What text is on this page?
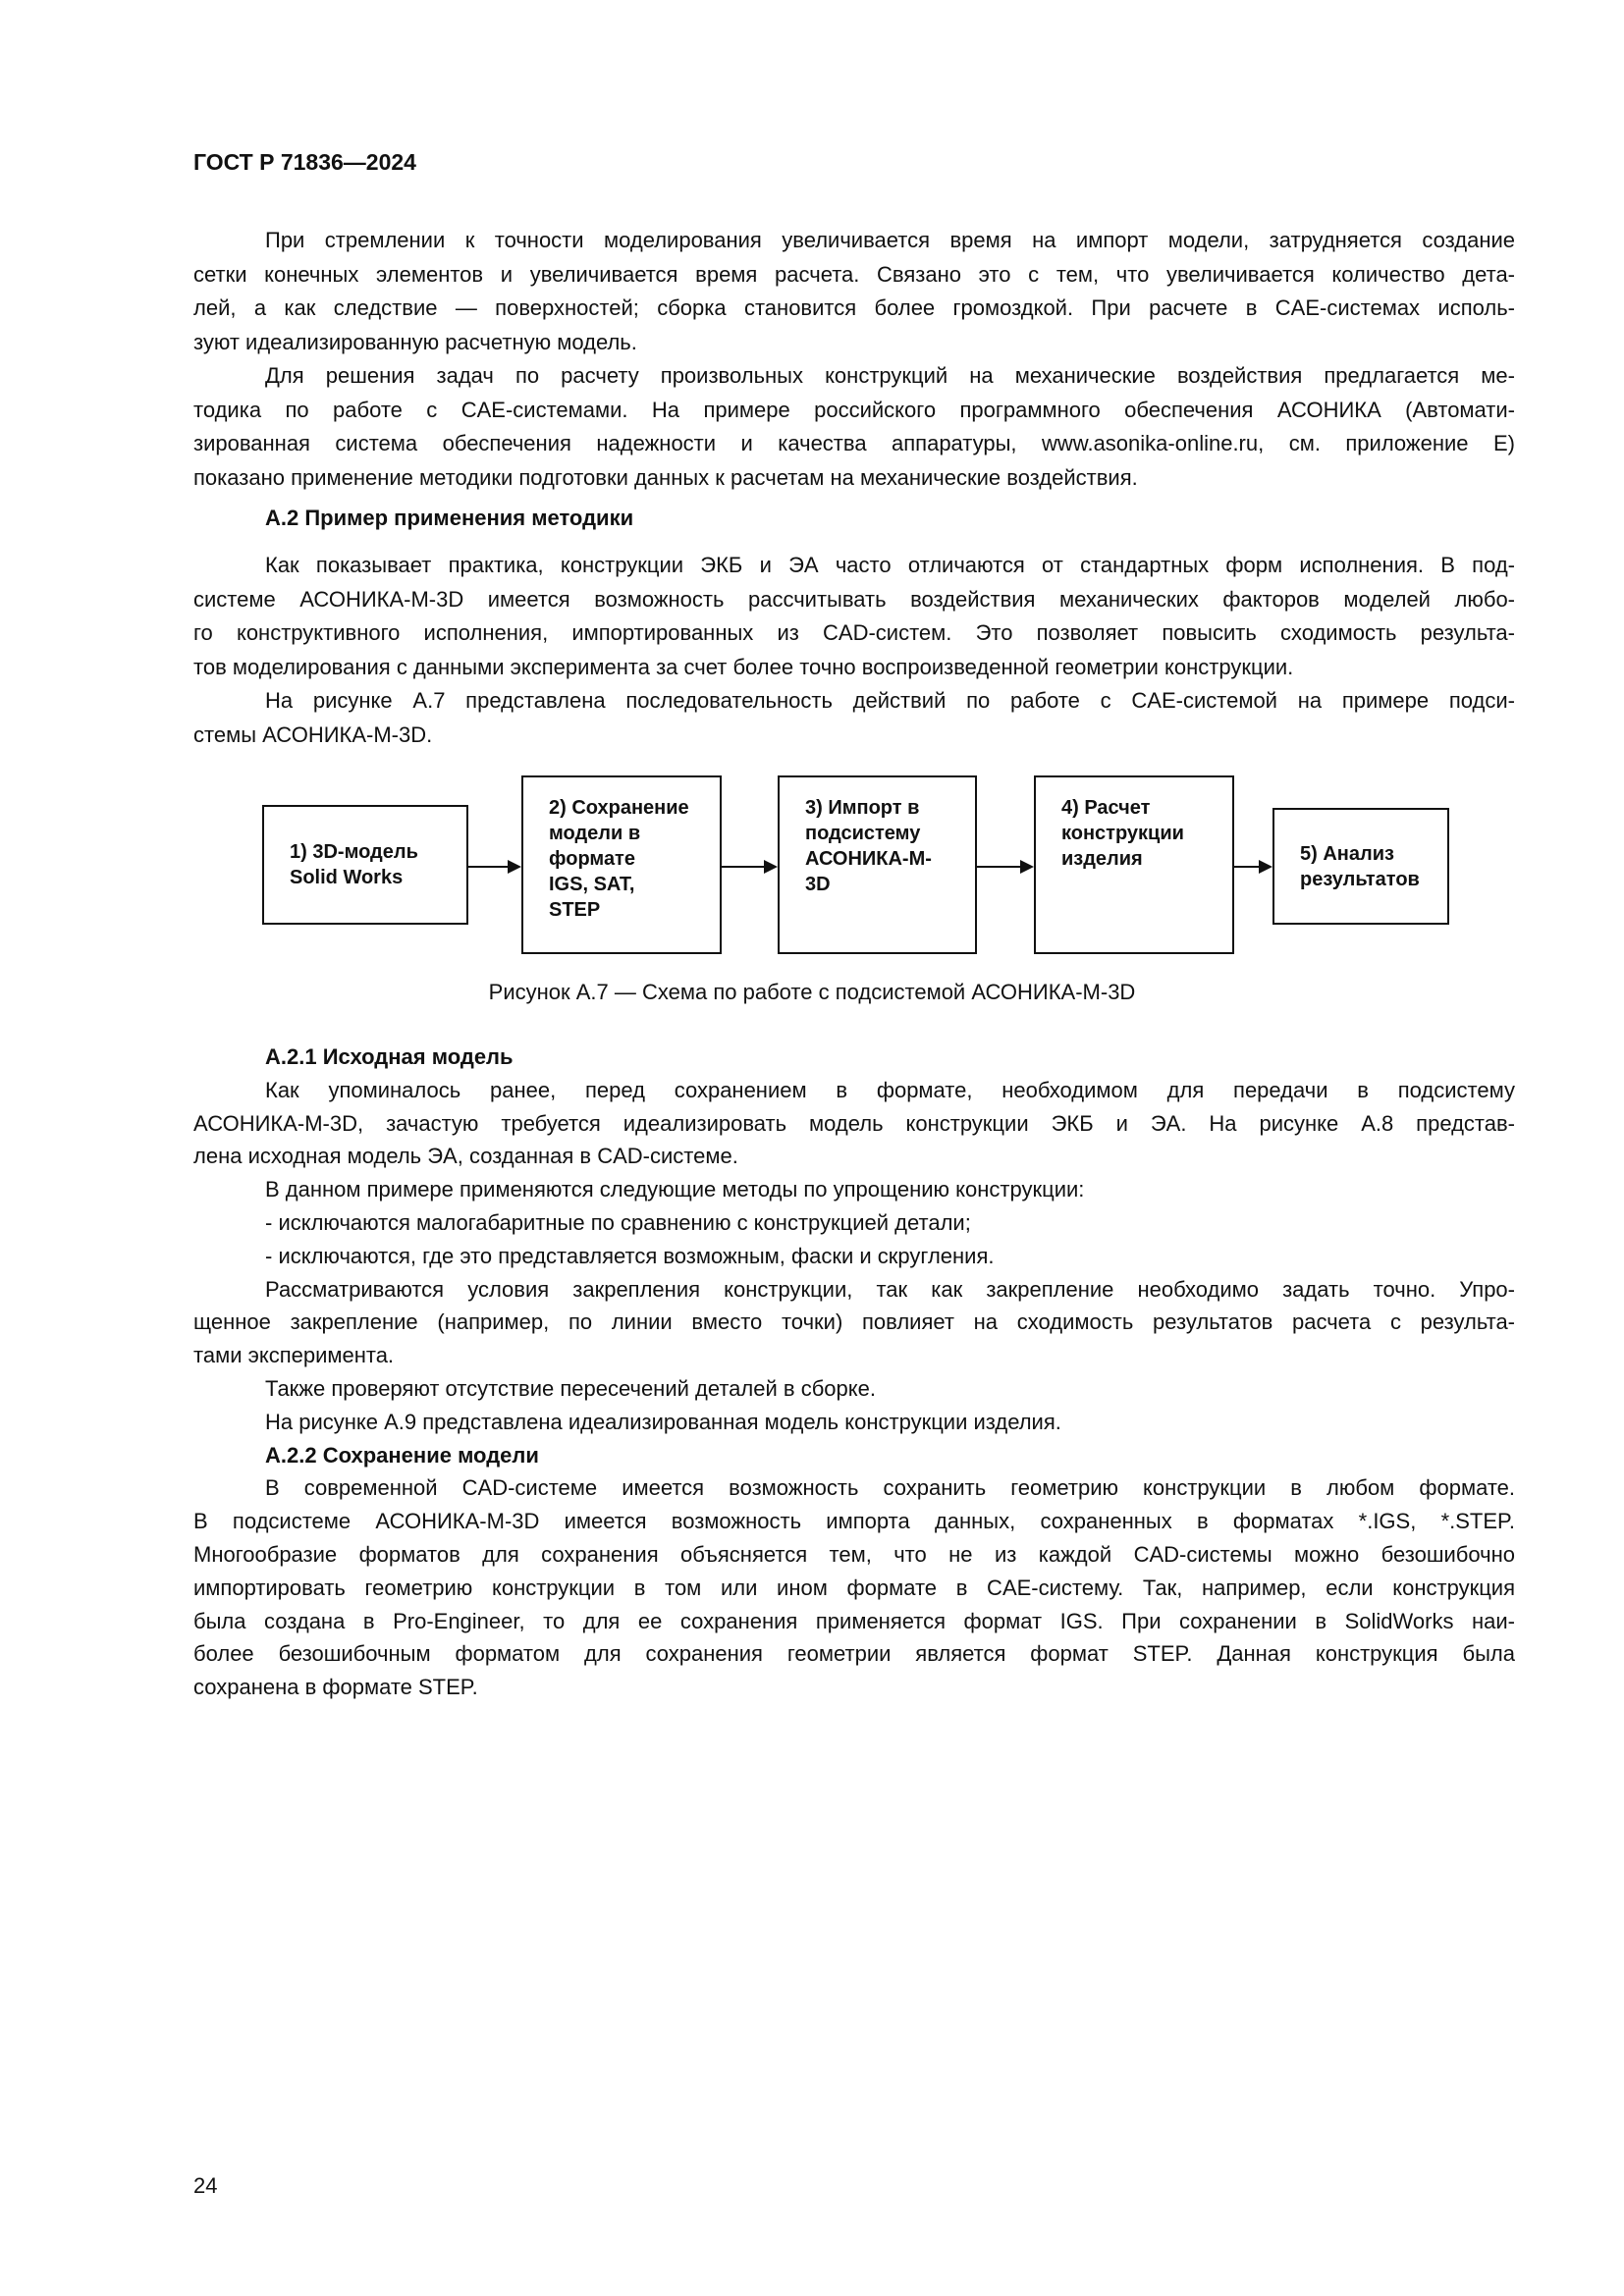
ГОСТ Р 71836—2024
При стремлении к точности моделирования увеличивается время на импорт модели, затрудняется создание
сетки конечных элементов и увеличивается время расчета. Связано это с тем, что увеличивается количество дета-
лей, а как следствие — поверхностей; сборка становится более громоздкой. При расчете в CAE-системах исполь-
зуют идеализированную расчетную модель.
Для решения задач по расчету произвольных конструкций на механические воздействия предлагается ме-
тодика по работе с CAE-системами. На примере российского программного обеспечения АСОНИКА (Автомати-
зированная система обеспечения надежности и качества аппаратуры, www.asonika-online.ru, см. приложение Е)
показано применение методики подготовки данных к расчетам на механические воздействия.
А.2 Пример применения методики
Как показывает практика, конструкции ЭКБ и ЭА часто отличаются от стандартных форм исполнения. В под-
системе АСОНИКА-М-3D имеется возможность рассчитывать воздействия механических факторов моделей любо-
го конструктивного исполнения, импортированных из CAD-систем. Это позволяет повысить сходимость результа-
тов моделирования с данными эксперимента за счет более точно воспроизведенной геометрии конструкции.
На рисунке А.7 представлена последовательность действий по работе с CAE-системой на примере подси-
стемы АСОНИКА-М-3D.
1) 3D-модель
Solid Works
2) Сохранение
модели в
формате
IGS, SAT,
STEP
3) Импорт в
подсистему
АСОНИКА-М-
3D
4) Расчет
конструкции
изделия	5) Анализ
результатов
Рисунок А.7 — Схема по работе с подсистемой АСОНИКА-М-3D
А.2.1 Исходная модель
Как упоминалось ранее, перед сохранением в формате, необходимом для передачи в подсистему
АСОНИКА-М-3D, зачастую требуется идеализировать модель конструкции ЭКБ и ЭА. На рисунке А.8 представ-
лена исходная модель ЭА, созданная в CAD-системе.
В данном примере применяются следующие методы по упрощению конструкции:
- исключаются малогабаритные по сравнению с конструкцией детали;
- исключаются, где это представляется возможным, фаски и скругления.
Рассматриваются условия закрепления конструкции, так как закрепление необходимо задать точно. Упро-
щенное закрепление (например, по линии вместо точки) повлияет на сходимость результатов расчета с результа-
тами эксперимента.
Также проверяют отсутствие пересечений деталей в сборке.
На рисунке А.9 представлена идеализированная модель конструкции изделия.
А.2.2 Сохранение модели
В современной CAD-системе имеется возможность сохранить геометрию конструкции в любом формате.
В подсистеме АСОНИКА-М-3D имеется возможность импорта данных, сохраненных в форматах *.IGS, *.STEP.
Многообразие форматов для сохранения объясняется тем, что не из каждой CAD-системы можно безошибочно
импортировать геометрию конструкции в том или ином формате в CAE-систему. Так, например, если конструкция
была создана в Pro-Engineer, то для ее сохранения применяется формат IGS. При сохранении в SolidWorks наи-
более безошибочным форматом для сохранения геометрии является формат STEP. Данная конструкция была
сохранена в формате STEP.
24
